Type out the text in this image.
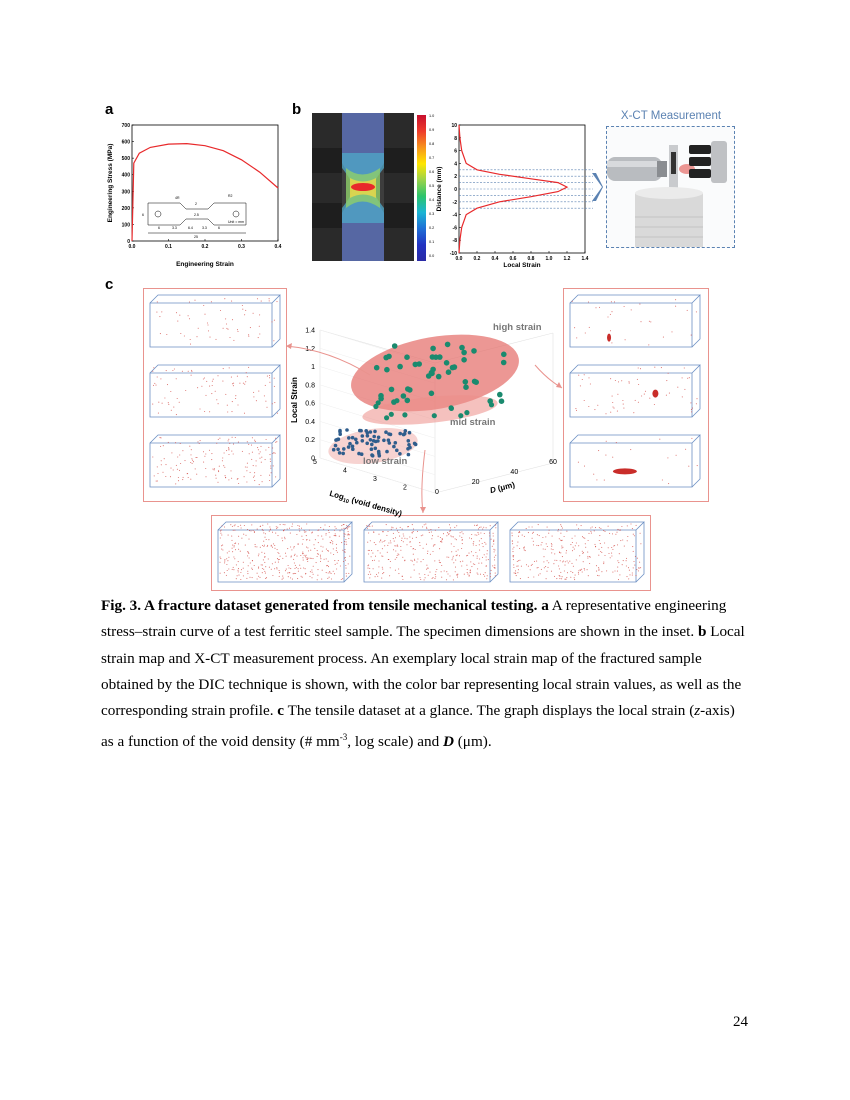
a	b
c
0
100
200
300
400
500
600
700
0.0	0.1	0.2	0.3	0.4
2
4R
2.5
R2
6
6	3.3	6.4	3.3	6
25
Unit = mm
Engineering Strain
Engineering Stress (MPa)
1.0
0.9
0.8
0.7
0.6
0.5
0.4
0.3
0.2
0.1
0.0
10
8
6
4
2
0
-2
-4
-6
-8
-10
0.0 0.2 0.4 0.6 0.8 1.0 1.2 1.4
Local Strain
Distance (mm)
X-CT Measurement
high strain
mid strain
low strain
0
0.2
0.4
0.6
0.8
1
1.2
1.4
5
4
3
2
0
20
40
60
Local Strain
Log$_{10}$ (void density)
D (μm)
Fig. 3. A fracture dataset generated from tensile mechanical testing. a A representative engineering stress–strain curve of a test ferritic steel sample. The specimen dimensions are shown in the inset. b Local strain map and X-CT measurement process. An exemplary local strain map of the fractured sample obtained by the DIC technique is shown, with the color bar representing local strain values, as well as the corresponding strain profile. c The tensile dataset at a glance. The graph displays the local strain (z-axis) as a function of the void density (# $mm^{-3}$, log scale) and D (μm).
24
